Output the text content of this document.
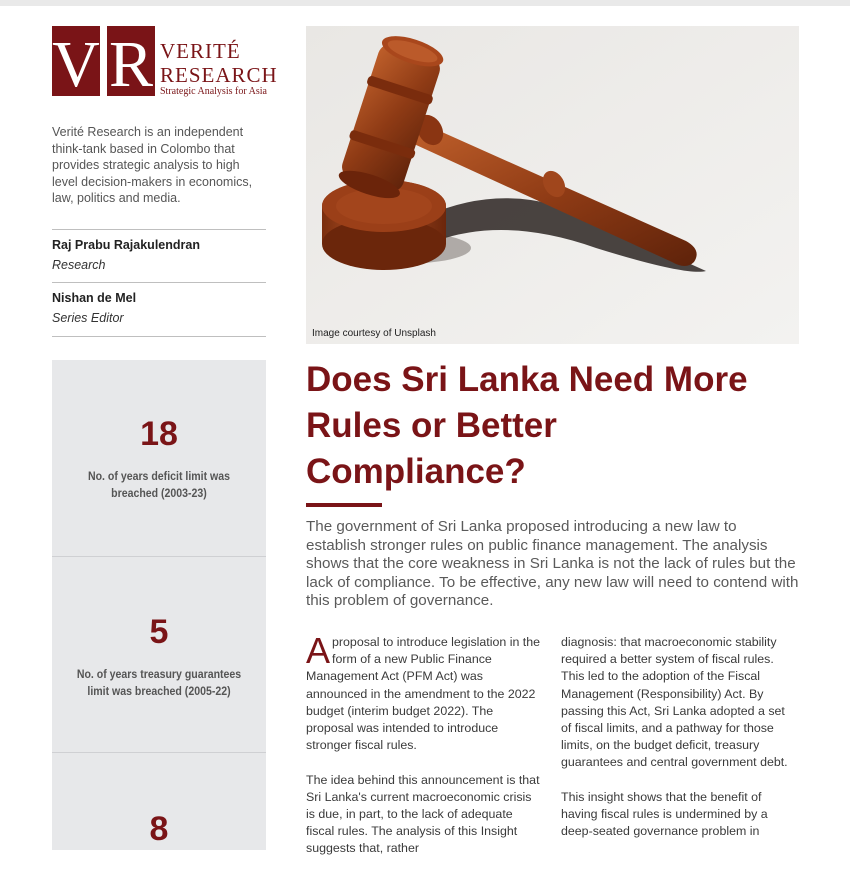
V R VERITÉ
RESEARCH
Strategic Analysis for Asia
Verité Research is an independent think-tank based in Colombo that provides strategic analysis to high level decision-makers in economics, law, politics and media.
Raj Prabu Rajakulendran
Research
Nishan de Mel
Series Editor
18
No. of years deficit limit was breached (2003-23)
5
No. of years treasury guarantees limit was breached (2005-22)
8
Image courtesy of Unsplash
Does Sri Lanka Need More Rules or Better Compliance?

The government of Sri Lanka proposed introducing a new law to establish stronger rules on public finance management. The analysis shows that the core weakness in Sri Lanka is not the lack of rules but the lack of compliance. To be effective, any new law will need to contend with this problem of governance.

Aproposal to introduce legislation in the form of a new Public Finance Management Act (PFM Act) was announced in the amendment to the 2022 budget (interim budget 2022). The proposal was intended to introduce stronger fiscal rules.

The idea behind this announcement is that Sri Lanka's current macroeconomic crisis is due, in part, to the lack of adequate fiscal rules. The analysis of this Insight suggests that, rather

diagnosis: that macroeconomic stability required a better system of fiscal rules. This led to the adoption of the Fiscal Management (Responsibility) Act. By passing this Act, Sri Lanka adopted a set of fiscal limits, and a pathway for those limits, on the budget deficit, treasury guarantees and central government debt.

This insight shows that the benefit of having fiscal rules is undermined by a deep-seated governance problem in
